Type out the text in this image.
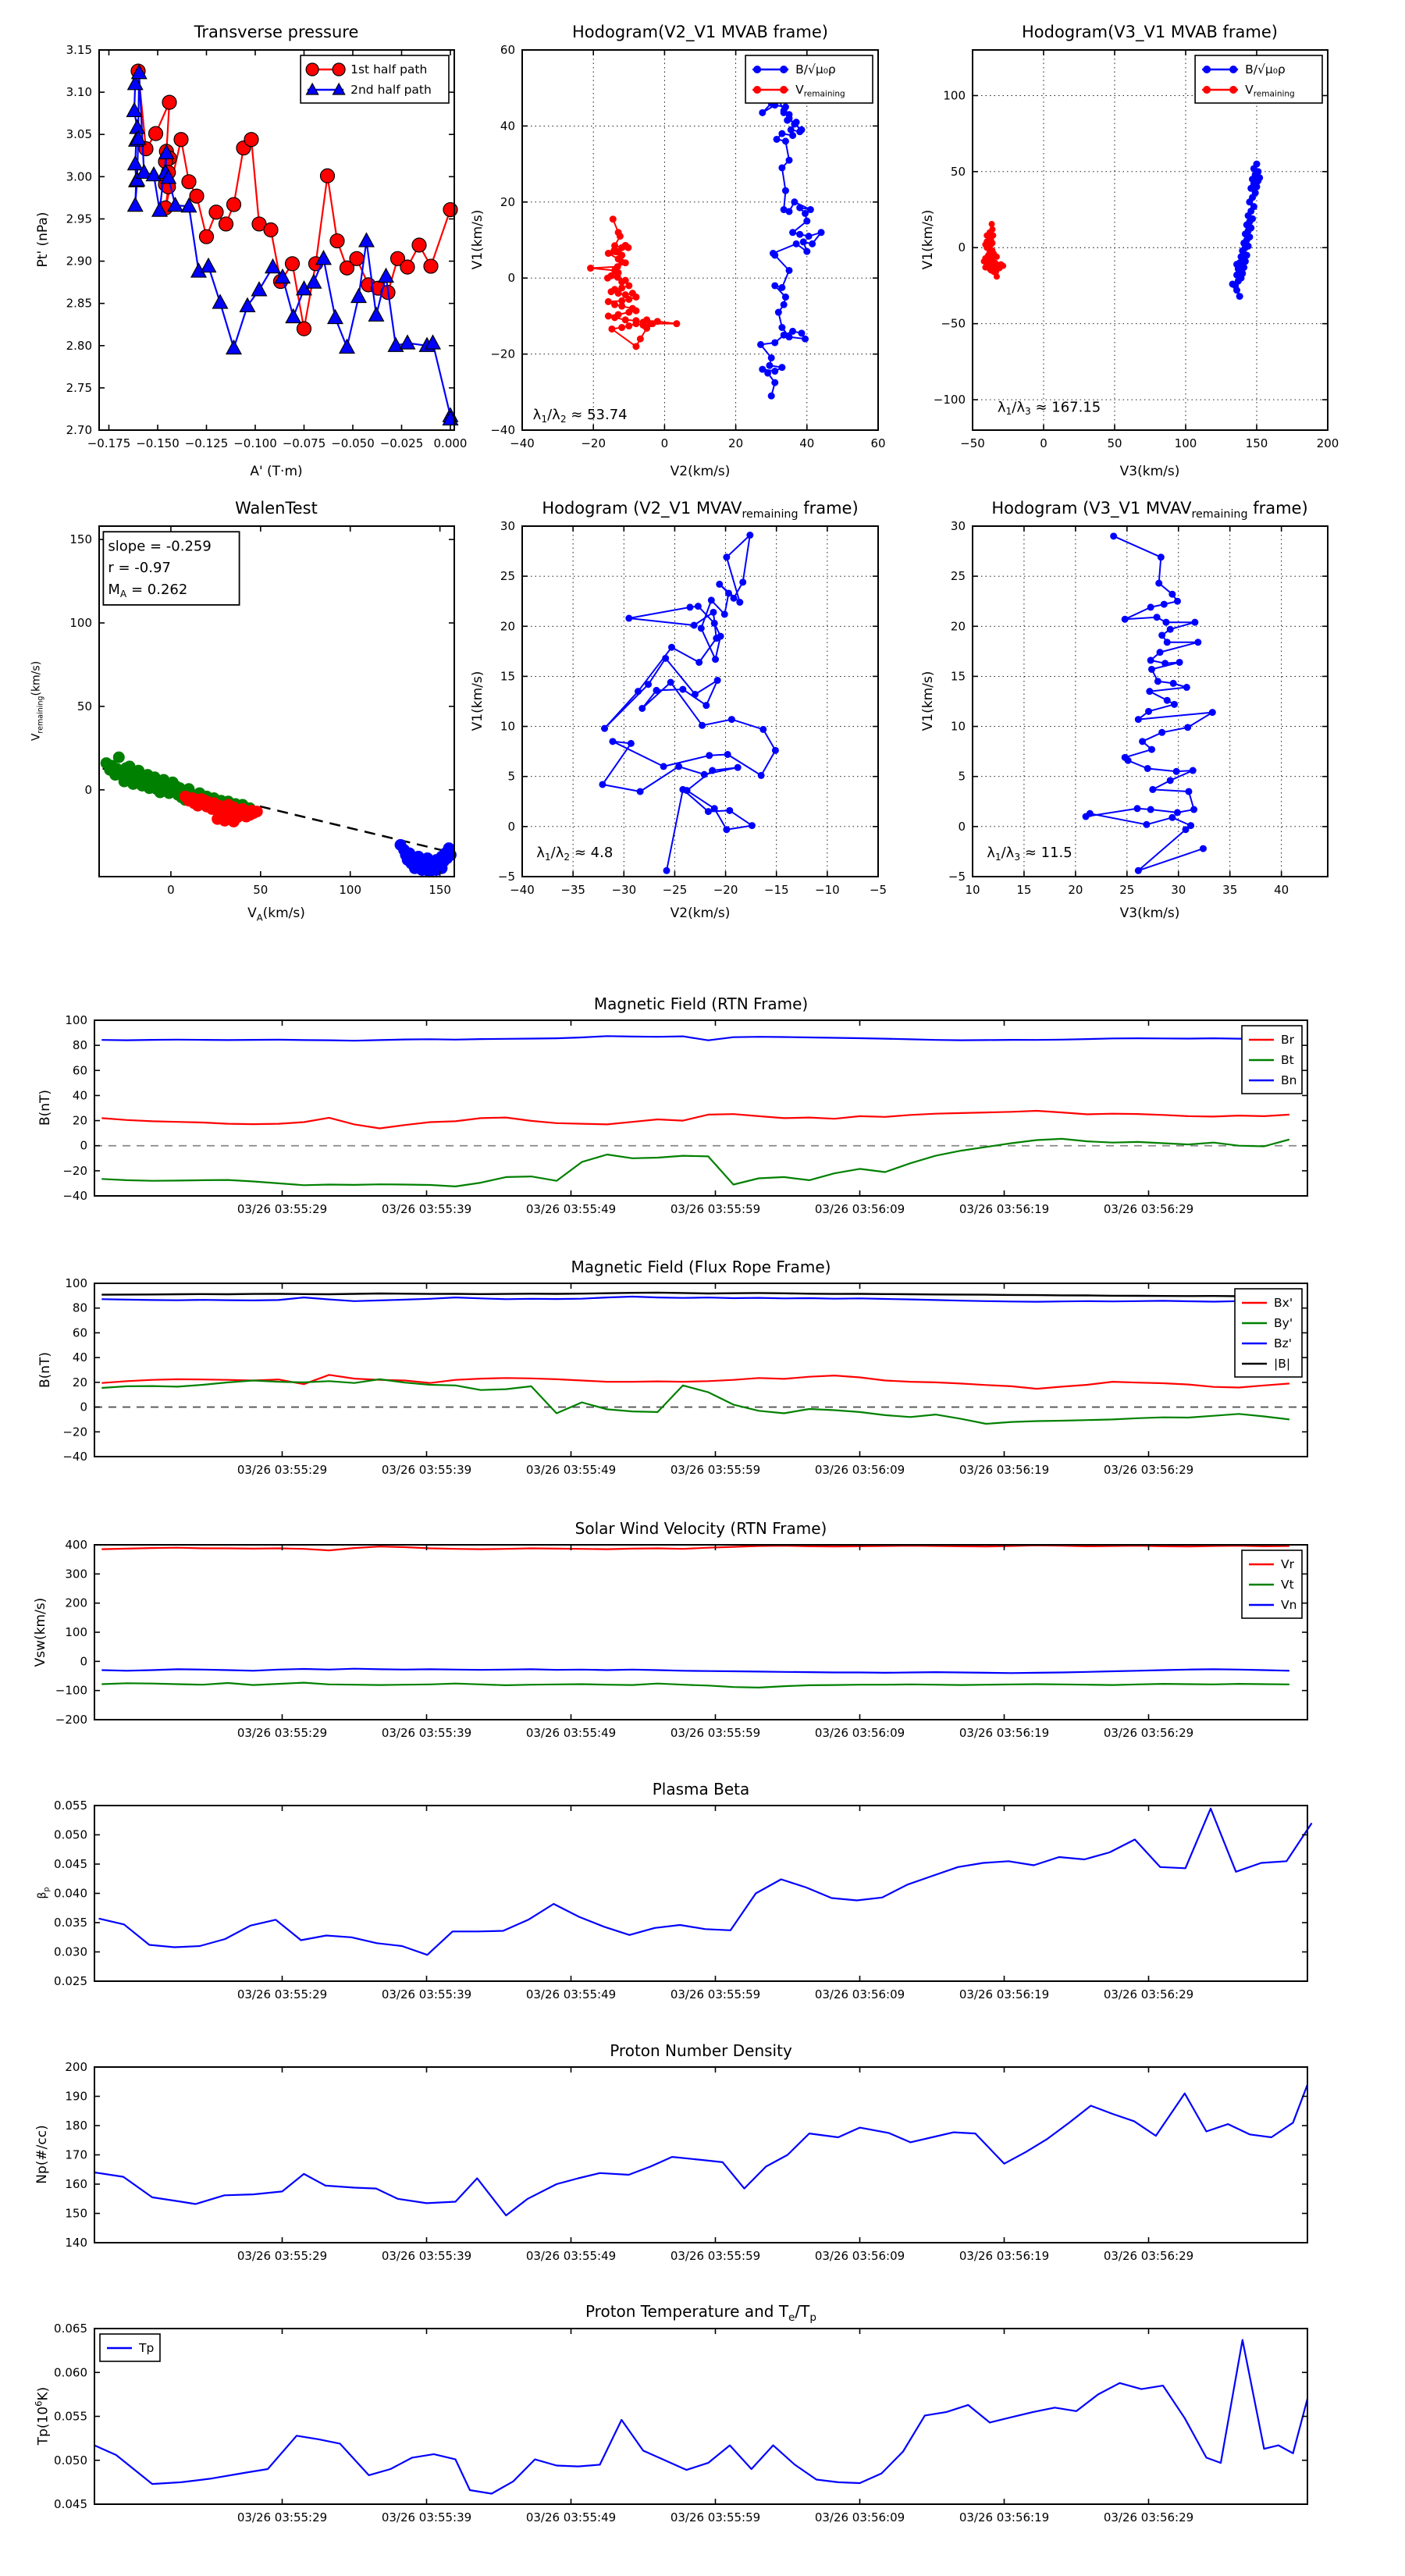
−0.175 −0.150 −0.125 −0.100 −0.075 −0.050 −0.025 0.000
2.70
2.75
2.80
2.85
2.90
2.95
3.00
3.05
3.10
3.15
1st half path
2nd half path
−40	−20	0	20	40	60
−40
−20
0
20
40
60
B/√μ₀ρ
$V_{remaining}$
$\lambda_1/\lambda_2 \approx 53.74$
−50	0	50	100	150	200
−100
−50
0
50
100
B/√μ₀ρ
$V_{remaining}$
$\lambda_1/\lambda_3 \approx 167.15$
0	50	100	150
0
50
100
150 slope = -0.259
r = -0.97
$M_A = 0.262$
−40 −35 −30 −25 −20 −15 −10	−5
−5
0
5
10
15
20
25
30
$\lambda_1/\lambda_2 \approx 4.8$
10	15	20	25	30	35	40
−5
0
5
10
15
20
25
30
$\lambda_1/\lambda_3 \approx 11.5$
03/26 03:55:29	03/26 03:55:39	03/26 03:55:49	03/26 03:55:59	03/26 03:56:09	03/26 03:56:19	03/26 03:56:29
−40
−20
0
20
40
60
80
100
Br
Bt
Bn
03/26 03:55:29	03/26 03:55:39	03/26 03:55:49	03/26 03:55:59	03/26 03:56:09	03/26 03:56:19	03/26 03:56:29
−40
−20
0
20
40
60
80
100
Bx'
By'
Bz'
|B|
03/26 03:55:29	03/26 03:55:39	03/26 03:55:49	03/26 03:55:59	03/26 03:56:09	03/26 03:56:19	03/26 03:56:29
−200
−100
0
100
200
300
400
Vr
Vt
Vn
03/26 03:55:29	03/26 03:55:39	03/26 03:55:49	03/26 03:55:59	03/26 03:56:09	03/26 03:56:19	03/26 03:56:29
0.025
0.030
0.035
0.040
0.045
0.050
0.055
03/26 03:55:29	03/26 03:55:39	03/26 03:55:49	03/26 03:55:59	03/26 03:56:09	03/26 03:56:19	03/26 03:56:29
140
150
160
170
180
190
200
03/26 03:55:29	03/26 03:55:39	03/26 03:55:49	03/26 03:55:59	03/26 03:56:09	03/26 03:56:19	03/26 03:56:29
0.045
0.050
0.055
0.060
0.065
Tp
Transverse pressure	Hodogram(V2_V1 MVAB frame)	Hodogram(V3_V1 MVAB frame)
WalenTest	Hodogram (V2_V1 $MVAV_{remaining}$ frame)	Hodogram (V3_V1 $MVAV_{remaining}$ frame)
Magnetic Field (RTN Frame)
Magnetic Field (Flux Rope Frame)
Solar Wind Velocity (RTN Frame)
Plasma Beta
Proton Number Density
Proton Temperature and $T_e/T_p$
A' (T·m)	V2(km/s)	V3(km/s)
$V_A(km/s)$	V2(km/s)	V3(km/s)
Pt' (nPa)	V1(km/s)	V1(km/s)
$V_{remaining}(km/s)$	V1(km/s)	V1(km/s)
B(nT)
B(nT)
Vsw(km/s)
$\beta_p$
Np(#/cc)
$Tp(10^6K)$
